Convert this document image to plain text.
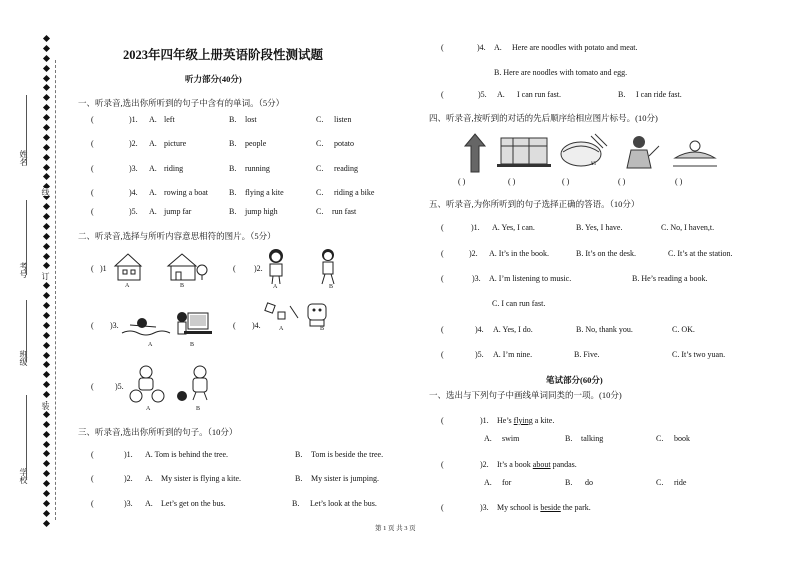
姓名
考号
班级
学校
线
订
装
2023年四年级上册英语阶段性测试题
听力部分(40分)
一、听录音,选出你所听到的句子中含有的单词。（5分）
(	)1. A. left	B. lost	C. listen
(	)2. A. picture	B. people	C. potato
(	)3. A. riding	B. running	C. reading
(	)4. A. rowing a boat	B. flying a kite	C. riding a bike
(	)5. A. jump far	B. jump high	C. run fast
二、听录音,选择与所听内容意思相符的图片。（5分）
( )1
A	B
( )2.
A	B
( )3.
A	B
( )4.	A	B
(	)5.
A	B
三、听录音,选出你所听到的句子。（10分）
(	)1. A. Tom is behind the tree.	B. Tom is beside the tree.
(	)2. A. My sister is flying a kite.	B. My sister is jumping.
(	)3. A. Let’s get on the bus.	B. Let’s look at the bus.
(	)4. A. Here are noodles with potato and meat.
B. Here are noodles with tomato and egg.
(	)5. A. I can run fast.	B. I can ride fast.
四、听录音,按听到的对话的先后顺序给相应图片标号。(10分)
¥5
( )	( )	( )	( )	( )
五、听录音,为你所听到的句子选择正确的答语。（10分）
(	)1. A. Yes, I can.	B. Yes, I have.	C. No, I haven,t.
(	)2. A. It’s in the book.	B. It’s on the desk.	C. It’s at the station.
(	)3. A. I’m listening to music.	B. He’s reading a book.
C. I can run fast.
(	)4. A. Yes, I do.	B. No, thank you.	C. OK.
(	)5. A. I’m nine.	B. Five.	C. It’s two yuan.
笔试部分(60分)
一、选出与下列句子中画线单词同类的一项。(10分)
(	)1. He’s flying a kite.
A. swim	B. talking	C. book
(	)2. It’s a book about pandas.
A. for	B. do	C. ride
(	)3. My school is beside the park.
第 1 页 共 3 页
